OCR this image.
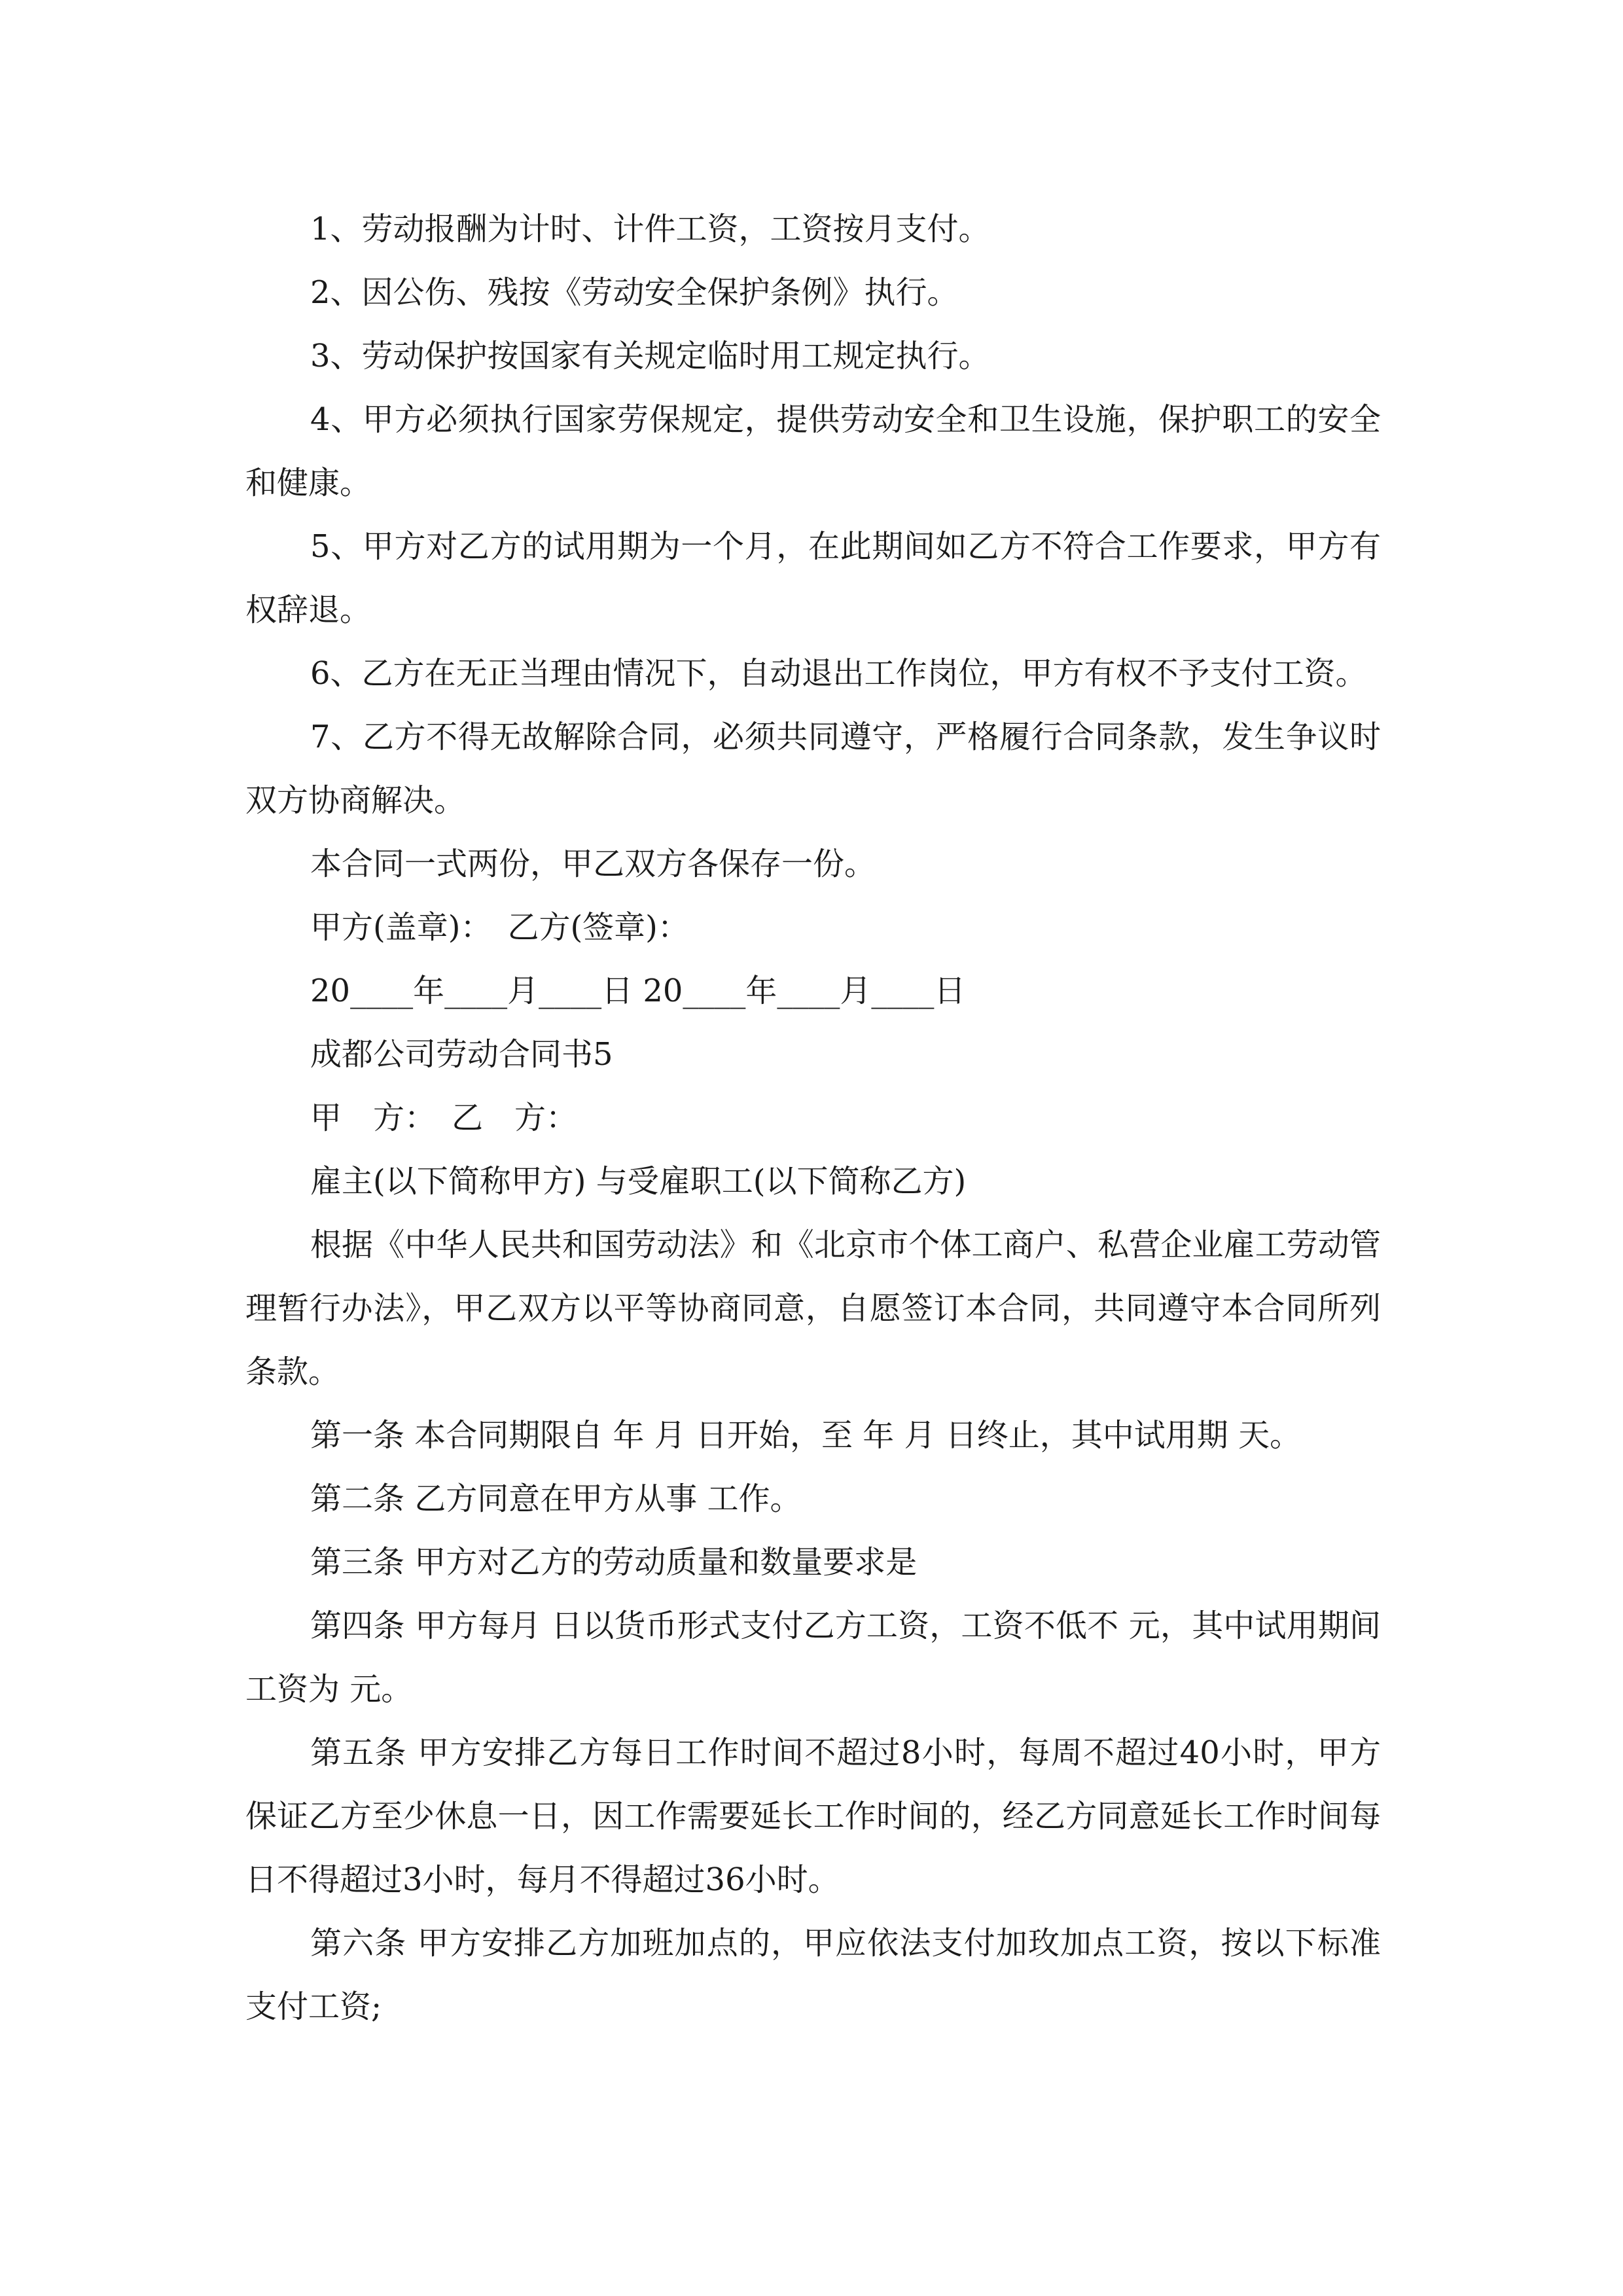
1、劳动报酬为计时、计件工资，工资按月支付。

2、因公伤、残按《劳动安全保护条例》执行。

3、劳动保护按国家有关规定临时用工规定执行。

4、甲方必须执行国家劳保规定，提供劳动安全和卫生设施，保护职工的安全和健康。

5、甲方对乙方的试用期为一个月，在此期间如乙方不符合工作要求，甲方有权辞退。

6、乙方在无正当理由情况下，自动退出工作岗位，甲方有权不予支付工资。

7、乙方不得无故解除合同，必须共同遵守，严格履行合同条款，发生争议时双方协商解决。

本合同一式两份，甲乙双方各保存一份。

甲方(盖章)：　乙方(签章)：

20____年____月____日 20____年____月____日

成都公司劳动合同书5

甲　方：　乙　方：

雇主(以下简称甲方) 与受雇职工(以下简称乙方)

根据《中华人民共和国劳动法》和《北京市个体工商户、私营企业雇工劳动管理暂行办法》，甲乙双方以平等协商同意，自愿签订本合同，共同遵守本合同所列条款。

第一条 本合同期限自 年 月 日开始，至 年 月 日终止，其中试用期 天。

第二条 乙方同意在甲方从事 工作。

第三条 甲方对乙方的劳动质量和数量要求是

第四条 甲方每月 日以货币形式支付乙方工资，工资不低不 元，其中试用期间工资为 元。

第五条 甲方安排乙方每日工作时间不超过8小时，每周不超过40小时，甲方保证乙方至少休息一日，因工作需要延长工作时间的，经乙方同意延长工作时间每日不得超过3小时，每月不得超过36小时。

第六条 甲方安排乙方加班加点的，甲应依法支付加玫加点工资，按以下标准支付工资;
